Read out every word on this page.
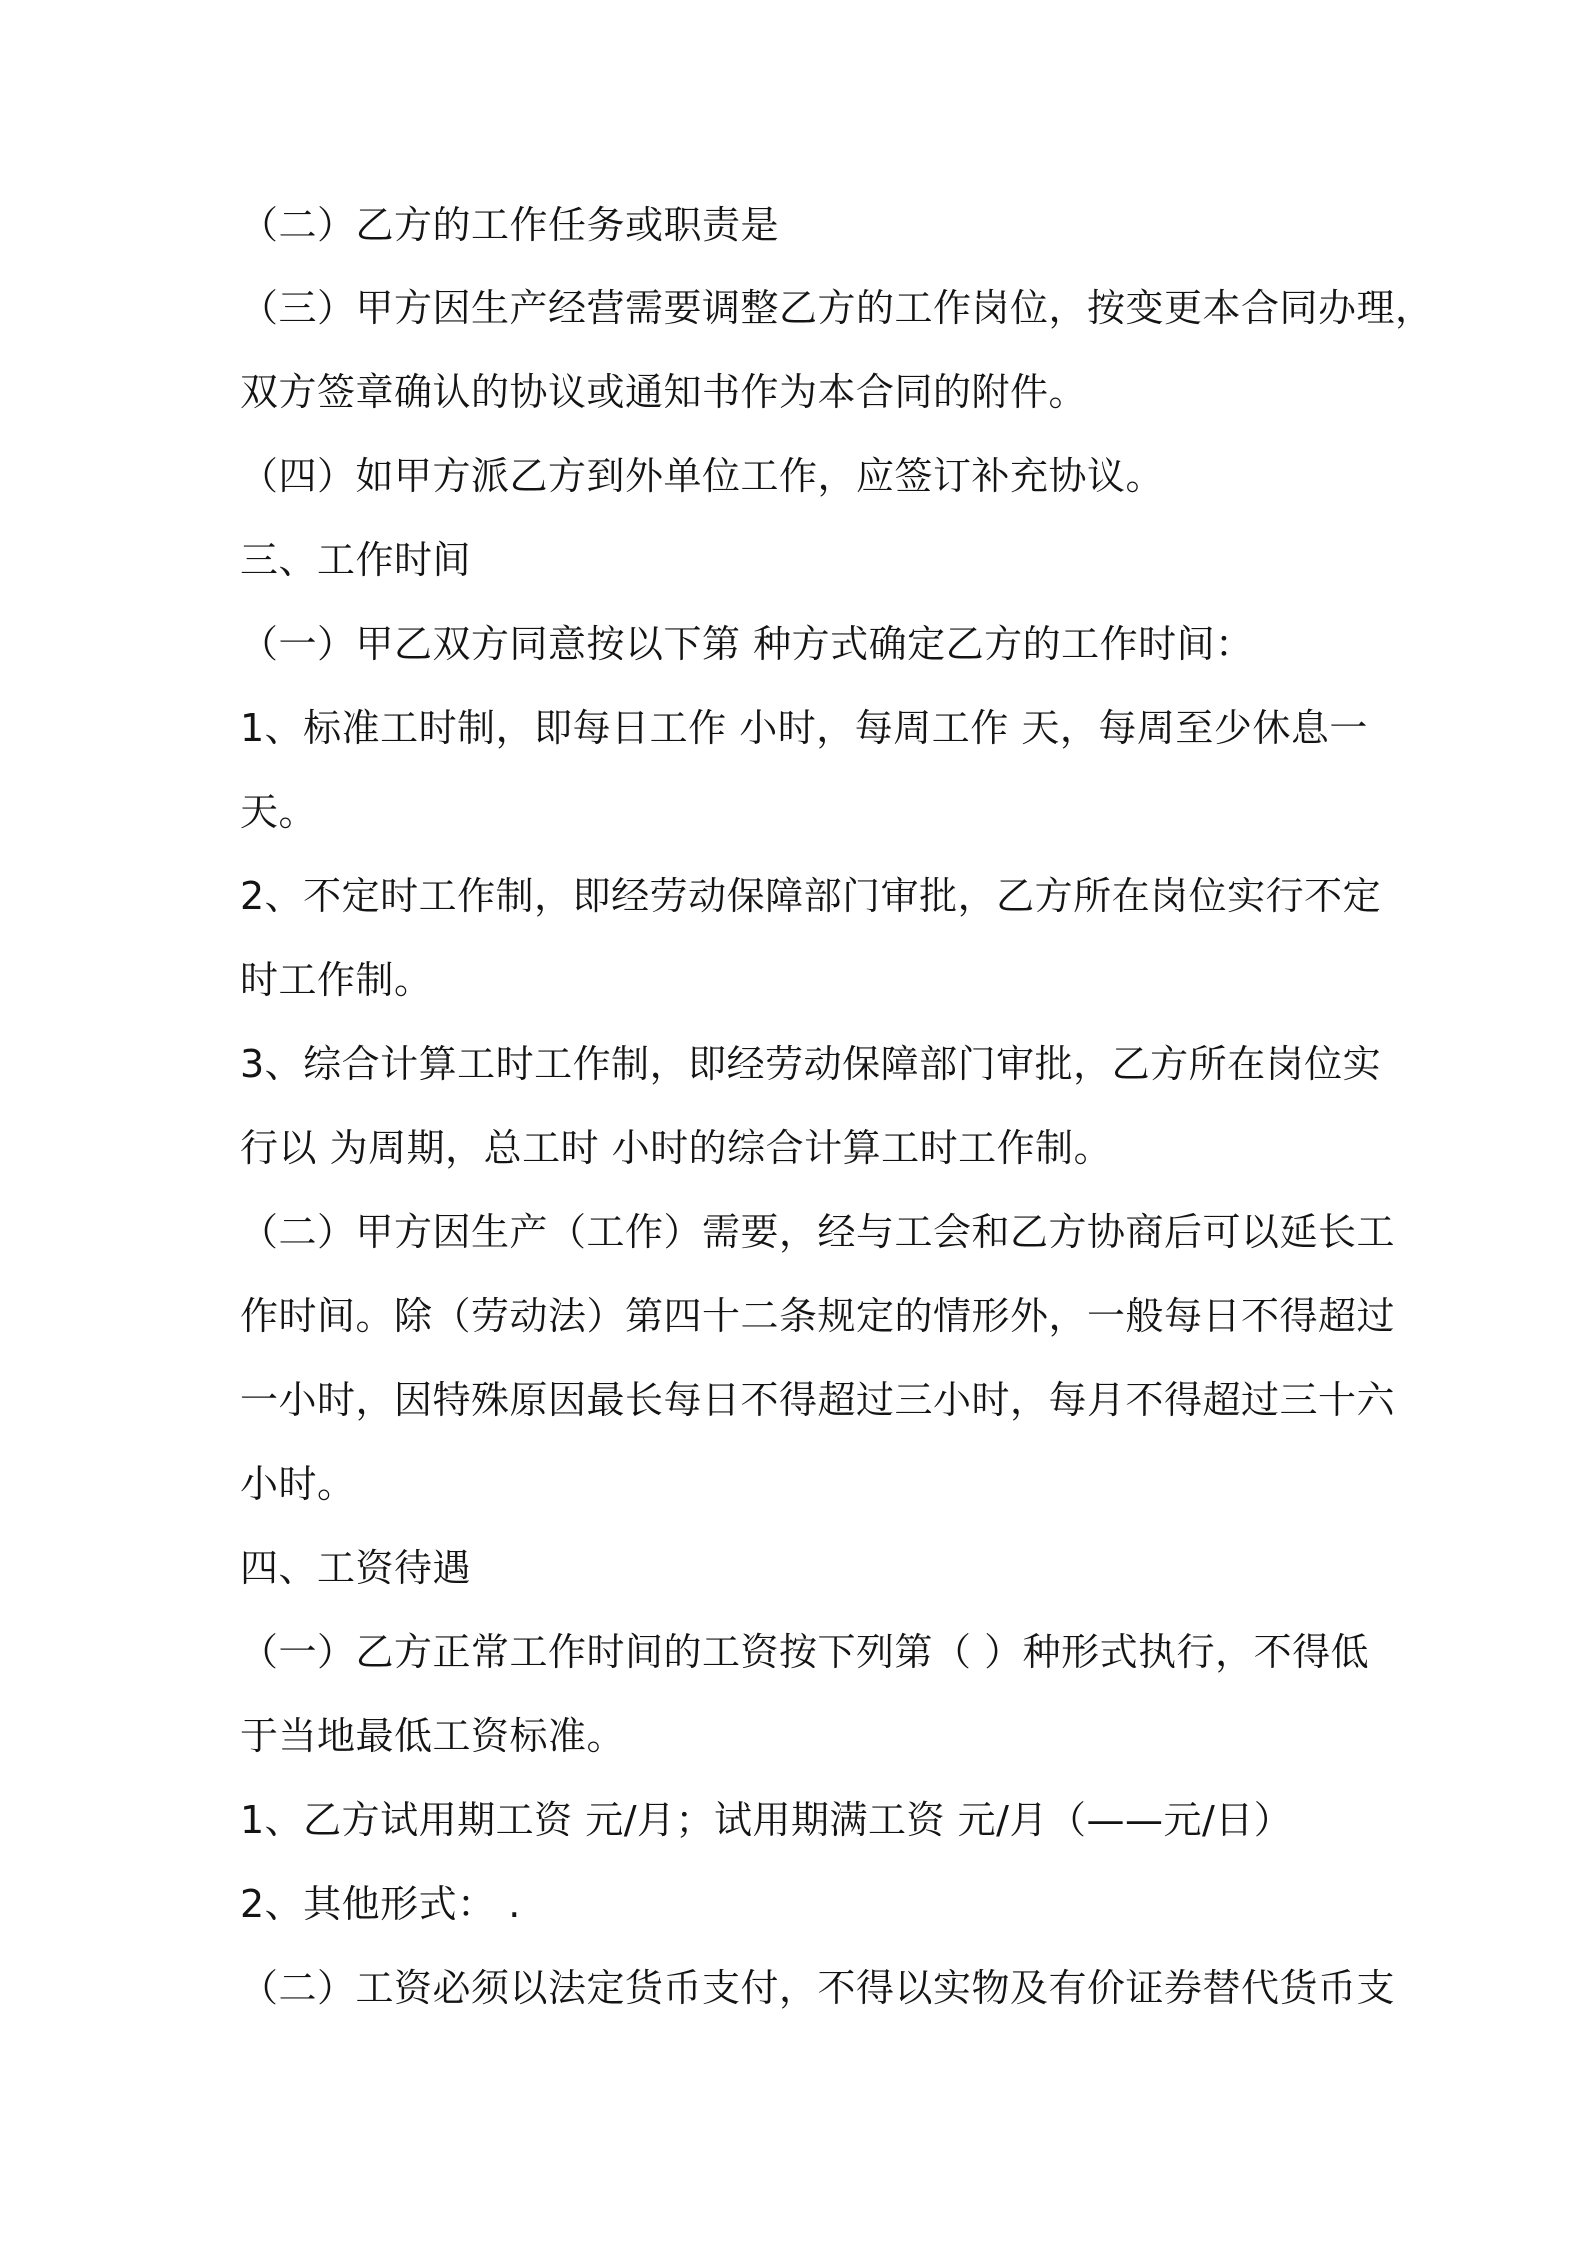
（二）乙方的工作任务或职责是
（三）甲方因生产经营需要调整乙方的工作岗位，按变更本合同办理，
双方签章确认的协议或通知书作为本合同的附件。
（四）如甲方派乙方到外单位工作，应签订补充协议。
三、工作时间
（一）甲乙双方同意按以下第 种方式确定乙方的工作时间：
1、标准工时制，即每日工作 小时，每周工作 天，每周至少休息一
天。
2、不定时工作制，即经劳动保障部门审批，乙方所在岗位实行不定
时工作制。
3、综合计算工时工作制，即经劳动保障部门审批，乙方所在岗位实
行以 为周期，总工时 小时的综合计算工时工作制。
（二）甲方因生产（工作）需要，经与工会和乙方协商后可以延长工
作时间。除（劳动法）第四十二条规定的情形外，一般每日不得超过
一小时，因特殊原因最长每日不得超过三小时，每月不得超过三十六
小时。
四、工资待遇
（一）乙方正常工作时间的工资按下列第（ ）种形式执行，不得低
于当地最低工资标准。
1、乙方试用期工资 元/月；试用期满工资 元/月（——元/日）
2、其他形式： .
（二）工资必须以法定货币支付，不得以实物及有价证券替代货币支
